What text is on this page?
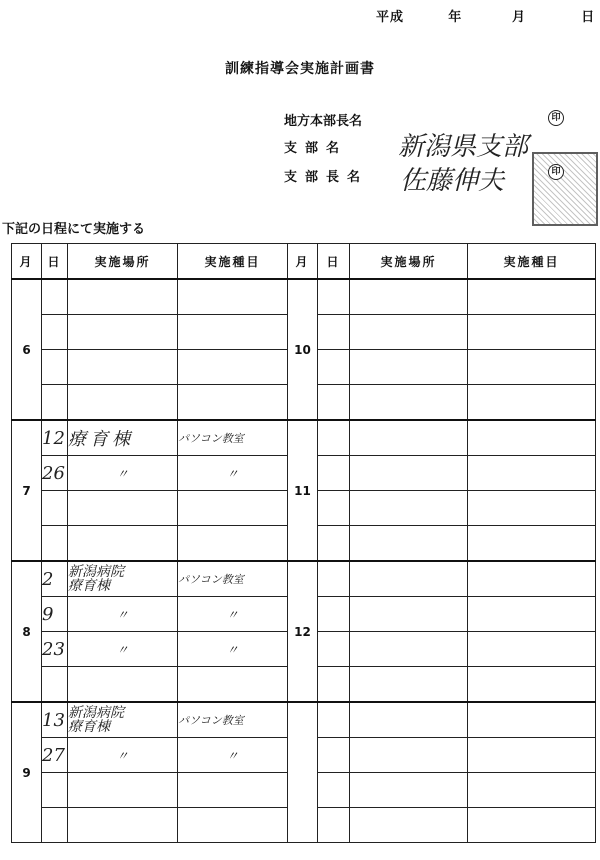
平成	年	月	日
訓練指導会実施計画書
地方本部長名	印
支部名 新潟県支部
印
支部長名 佐藤伸夫
下記の日程にて実施する
月	日	実施場所	実施種目	月	日	実施場所	実施種目
6				10			

7	12	療育棟	パソコン教室	11			
	26	〃	〃				

8	2	新潟病院
療育棟	パソコン教室	12			
	9	〃	〃				
	23	〃	〃				

9	13	新潟病院
療育棟	パソコン教室				
	27	〃	〃				
